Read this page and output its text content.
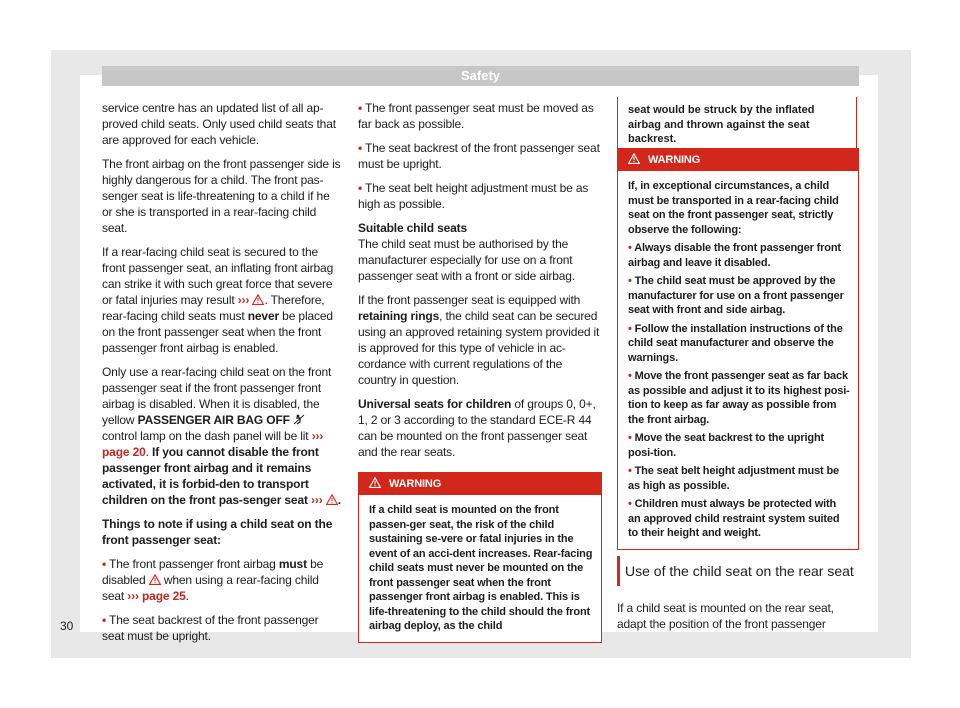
Safety

service centre has an updated list of all ap-proved child seats. Only used child seats that are approved for each vehicle.

The front airbag on the front passenger side is highly dangerous for a child. The front pas-senger seat is life-threatening to a child if he or she is transported in a rear-facing child seat.

If a rear-facing child seat is secured to the front passenger seat, an inflating front airbag can strike it with such great force that severe or fatal injuries may result ››› . Therefore, rear-facing child seats must never be placed on the front passenger seat when the front passenger front airbag is enabled.

Only use a rear-facing child seat on the front passenger seat if the front passenger front airbag is disabled. When it is disabled, the yellow PASSENGER AIR BAG OFF  control lamp on the dash panel will be lit ››› page 20. If you cannot disable the front passenger front airbag and it remains activated, it is forbid-den to transport children on the front pas-senger seat ››› .

Things to note if using a child seat on the front passenger seat:

• The front passenger front airbag must be disabled  when using a rear-facing child seat ››› page 25.

• The seat backrest of the front passenger seat must be upright.

• The front passenger seat must be moved as far back as possible.

• The seat backrest of the front passenger seat must be upright.

• The seat belt height adjustment must be as high as possible.

Suitable child seats

The child seat must be authorised by the manufacturer especially for use on a front passenger seat with a front or side airbag.

If the front passenger seat is equipped with retaining rings, the child seat can be secured using an approved retaining system provided it is approved for this type of vehicle in ac-cordance with current regulations of the country in question.

Universal seats for children of groups 0, 0+, 1, 2 or 3 according to the standard ECE-R 44 can be mounted on the front passenger seat and the rear seats.

WARNING
If a child seat is mounted on the front passen-ger seat, the risk of the child sustaining se-vere or fatal injuries in the event of an acci-dent increases. Rear-facing child seats must never be mounted on the front passenger seat when the front passenger front airbag is enabled. This is life-threatening to the child should the front airbag deploy, as the child
seat would be struck by the inflated airbag and thrown against the seat backrest.
WARNING

If, in exceptional circumstances, a child must be transported in a rear-facing child seat on the front passenger seat, strictly observe the following:

• Always disable the front passenger front airbag and leave it disabled.

• The child seat must be approved by the manufacturer for use on a front passenger seat with front and side airbag.

• Follow the installation instructions of the child seat manufacturer and observe the warnings.

• Move the front passenger seat as far back as possible and adjust it to its highest posi-tion to keep as far away as possible from the front airbag.

• Move the seat backrest to the upright posi-tion.

• The seat belt height adjustment must be as high as possible.

• Children must always be protected with an approved child restraint system suited to their height and weight.

Use of the child seat on the rear seat

If a child seat is mounted on the rear seat, adapt the position of the front passenger

30
